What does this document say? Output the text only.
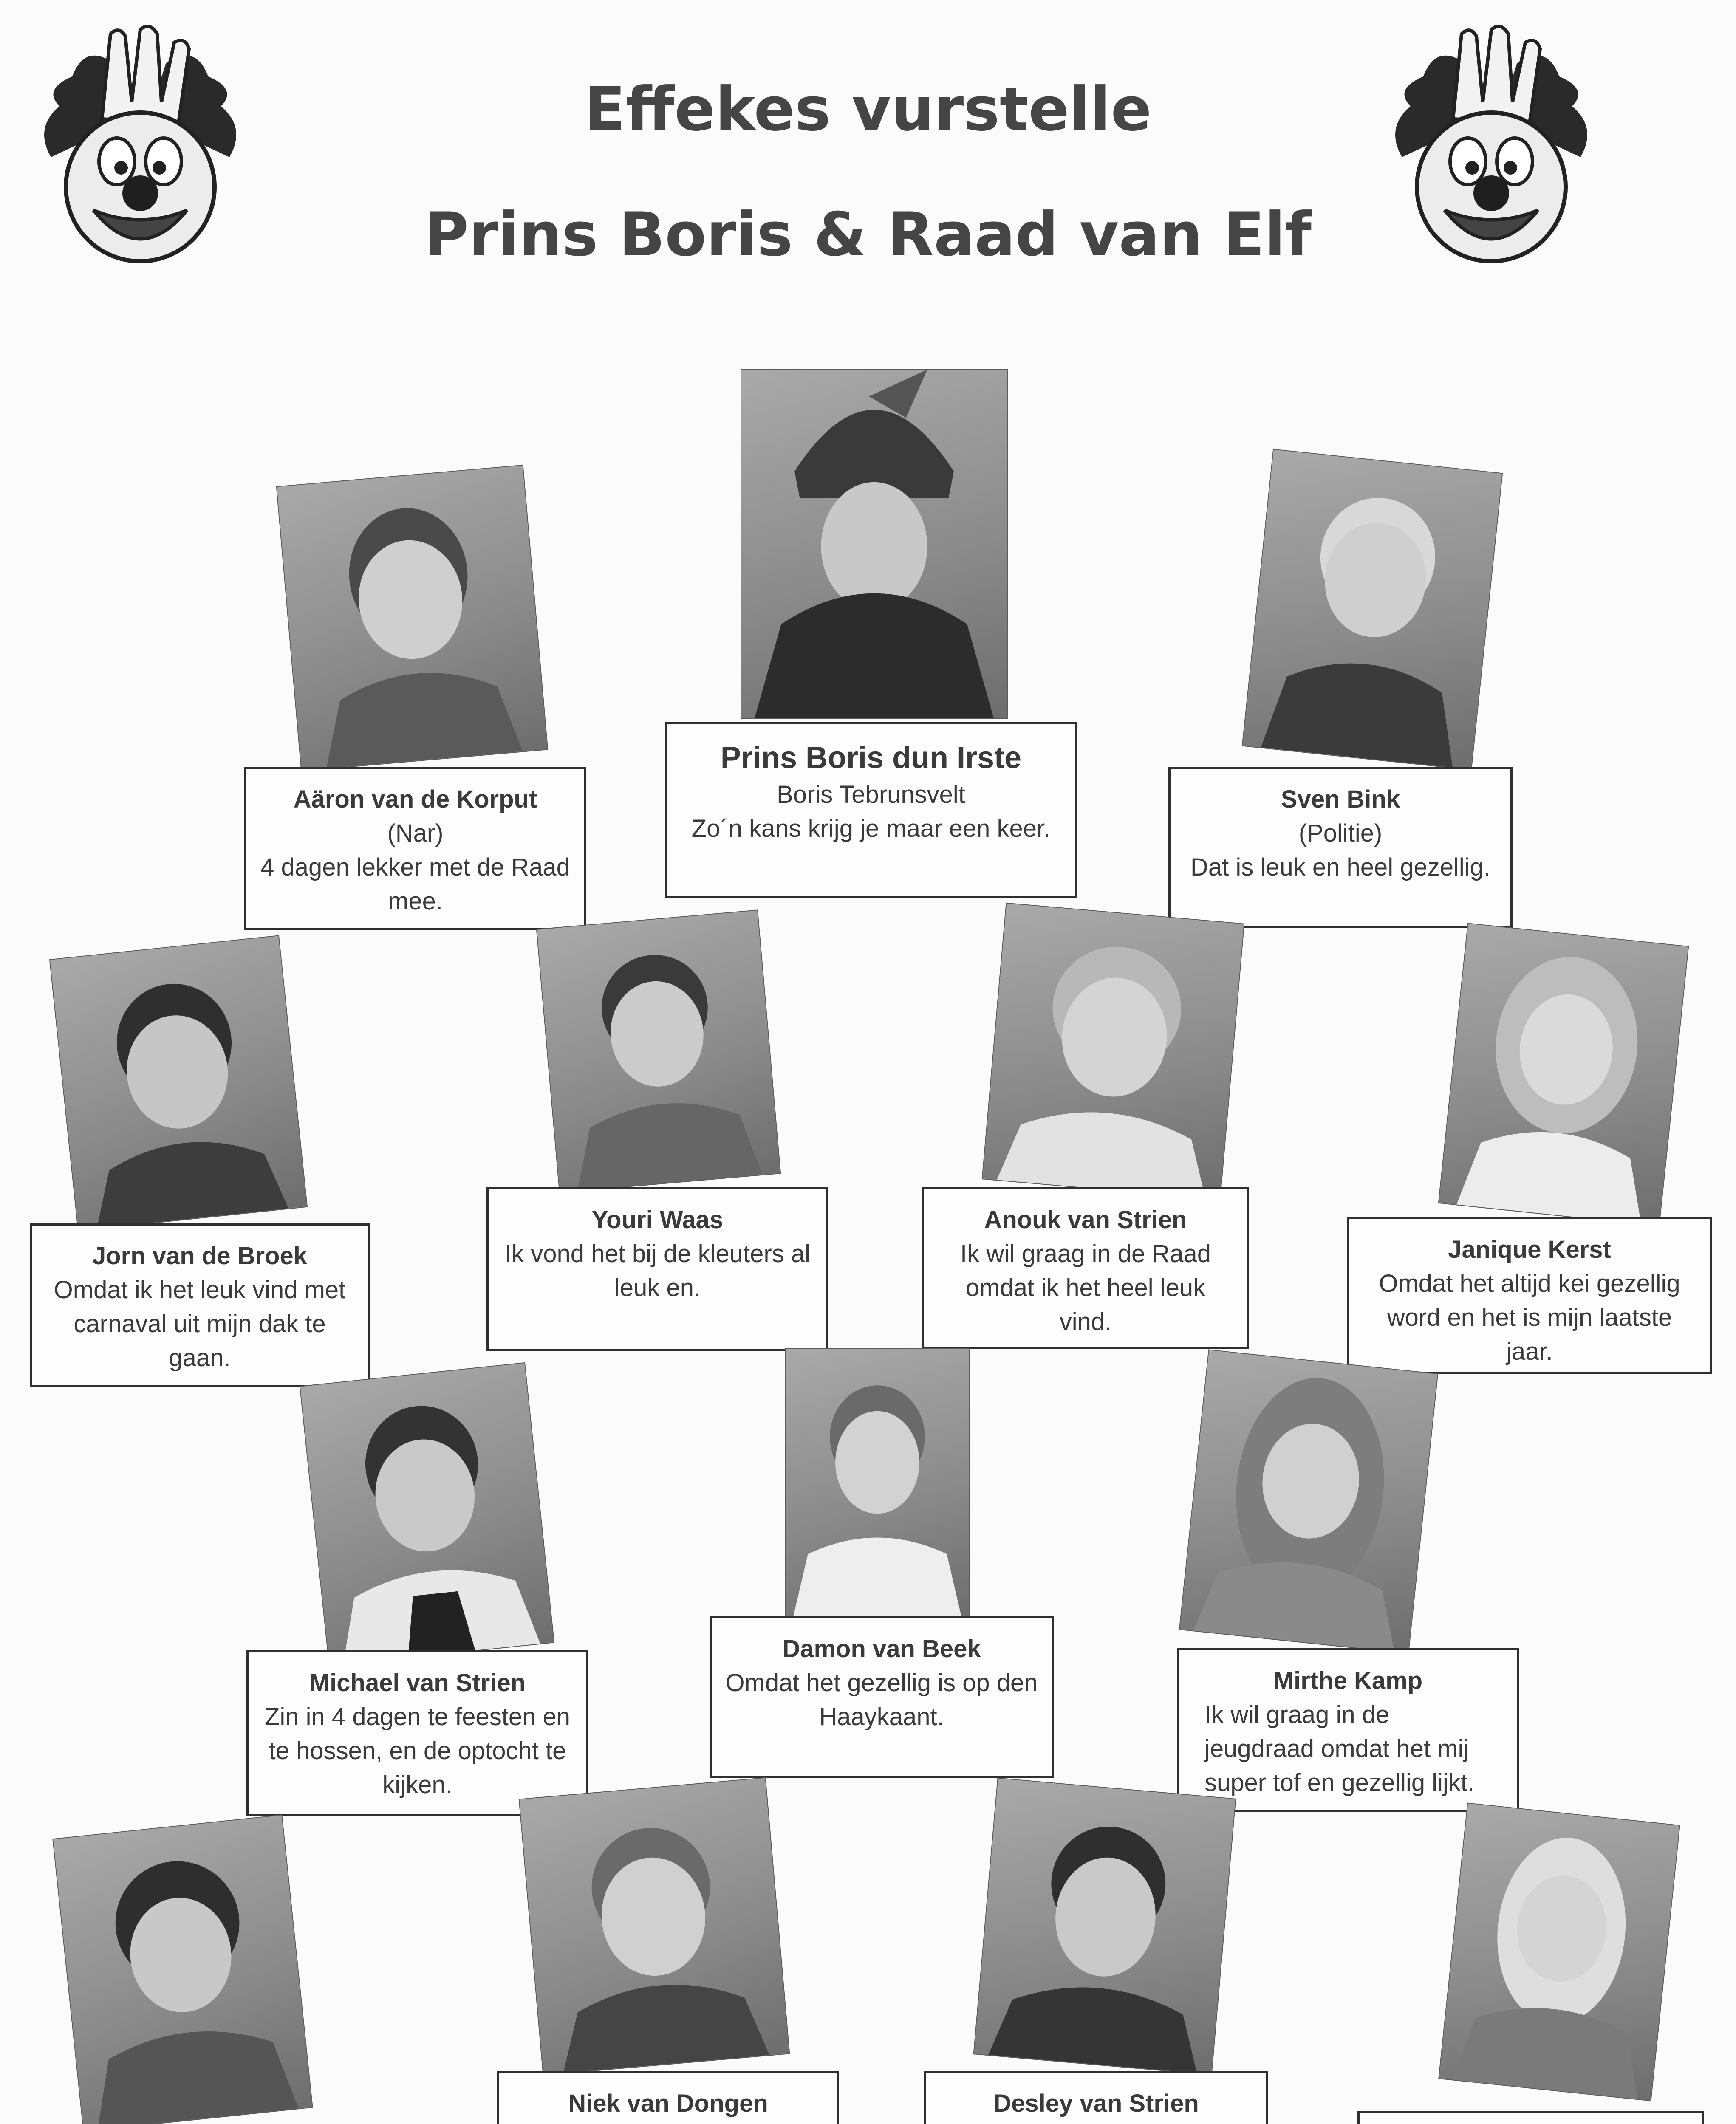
Effekes vurstelle
Prins Boris & Raad van Elf
Prins Boris dun Irste
Boris Tebrunsvelt
Zo´n kans krijg je maar een keer.
Aäron van de Korput
(Nar)
4 dagen lekker met de Raad mee.
Sven Bink
(Politie)
Dat is leuk en heel gezellig.
Jorn van de Broek
Omdat ik het leuk vind met carnaval uit mijn dak te gaan.
Youri Waas
Ik vond het bij de kleuters al leuk en.
Anouk van Strien
Ik wil graag in de Raad omdat ik het heel leuk vind.
Janique Kerst
Omdat het altijd kei gezellig word en het is mijn laatste jaar.
Michael van Strien
Zin in 4 dagen te feesten en te hossen, en de optocht te kijken.
Damon van Beek
Omdat het gezellig is op den Haaykaant.
Mirthe Kamp
Ik wil graag in de jeugdraad omdat het mij super tof en gezellig lijkt.
Niek van Dongen	Desley van Strien
